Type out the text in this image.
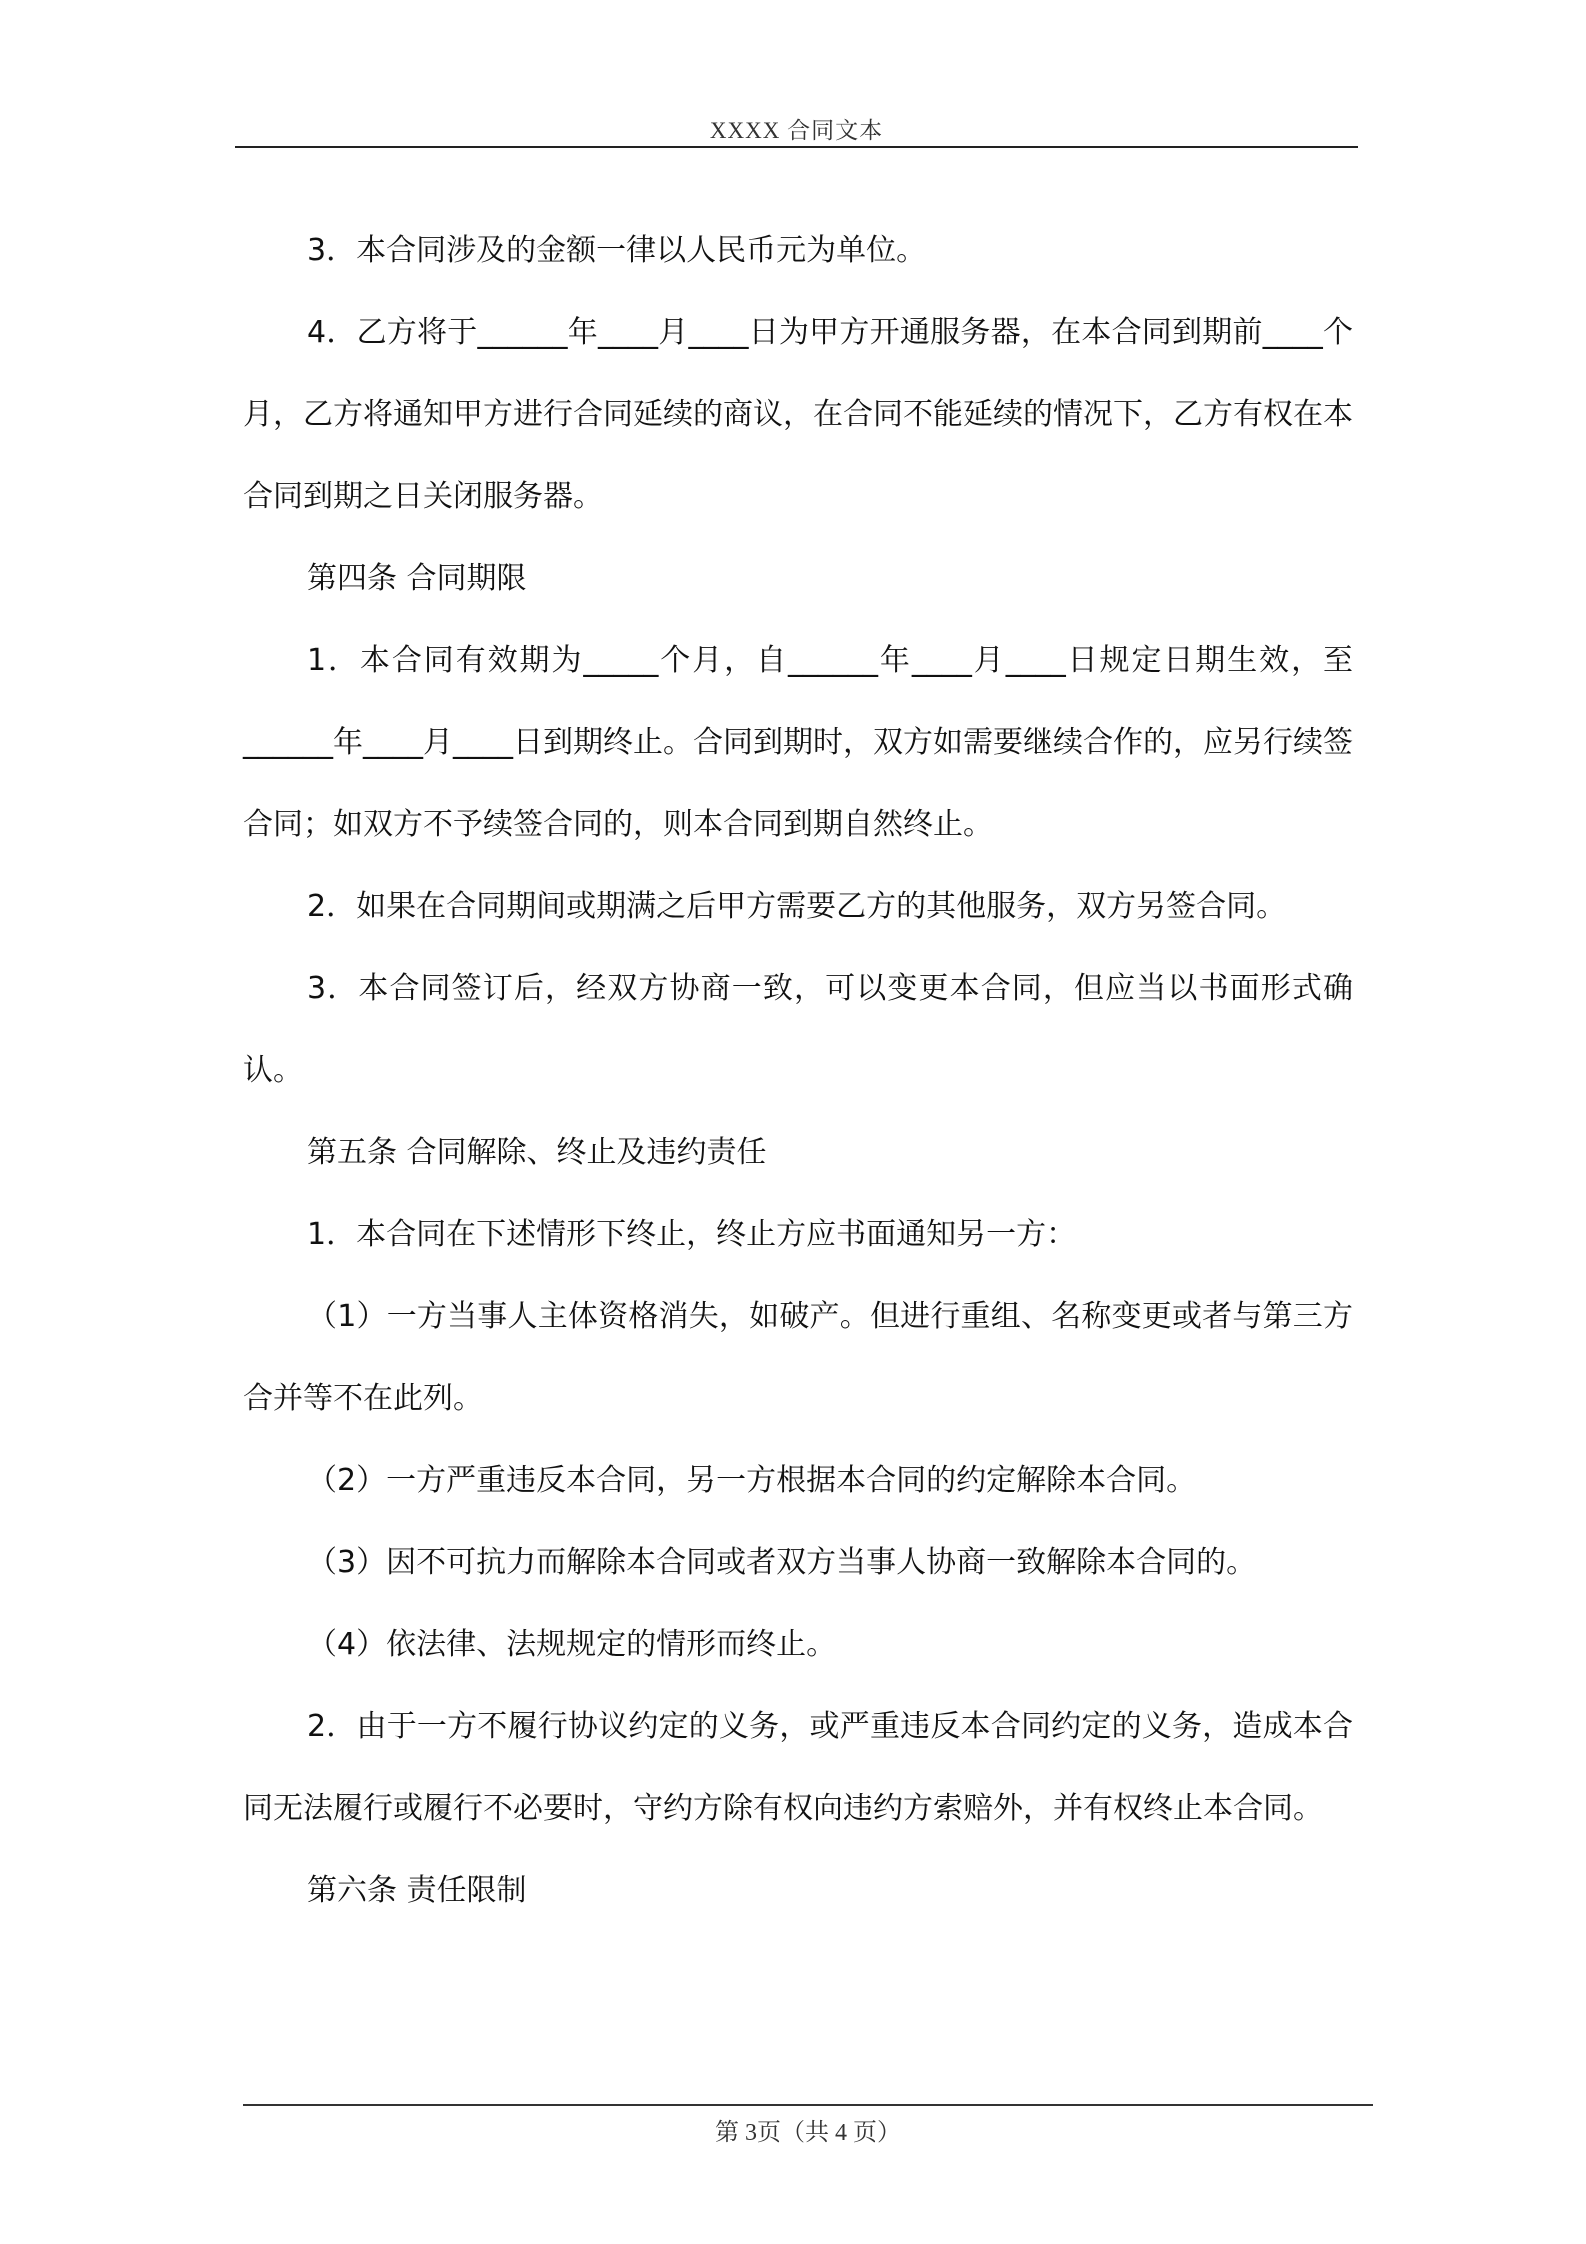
XXXX 合同文本

3．本合同涉及的金额一律以人民币元为单位。

4．乙方将于______年____月____日为甲方开通服务器，在本合同到期前____个月，乙方将通知甲方进行合同延续的商议，在合同不能延续的情况下，乙方有权在本合同到期之日关闭服务器。

第四条 合同期限

1．本合同有效期为_____个月，自______年____月____日规定日期生效，至______年____月____日到期终止。合同到期时，双方如需要继续合作的，应另行续签合同；如双方不予续签合同的，则本合同到期自然终止。

2．如果在合同期间或期满之后甲方需要乙方的其他服务，双方另签合同。

3．本合同签订后，经双方协商一致，可以变更本合同，但应当以书面形式确认。

第五条 合同解除、终止及违约责任

1．本合同在下述情形下终止，终止方应书面通知另一方：

（1）一方当事人主体资格消失，如破产。但进行重组、名称变更或者与第三方合并等不在此列。

（2）一方严重违反本合同，另一方根据本合同的约定解除本合同。

（3）因不可抗力而解除本合同或者双方当事人协商一致解除本合同的。

（4）依法律、法规规定的情形而终止。

2．由于一方不履行协议约定的义务，或严重违反本合同约定的义务，造成本合同无法履行或履行不必要时，守约方除有权向违约方索赔外，并有权终止本合同。

第六条 责任限制

第 3页（共 4 页）
